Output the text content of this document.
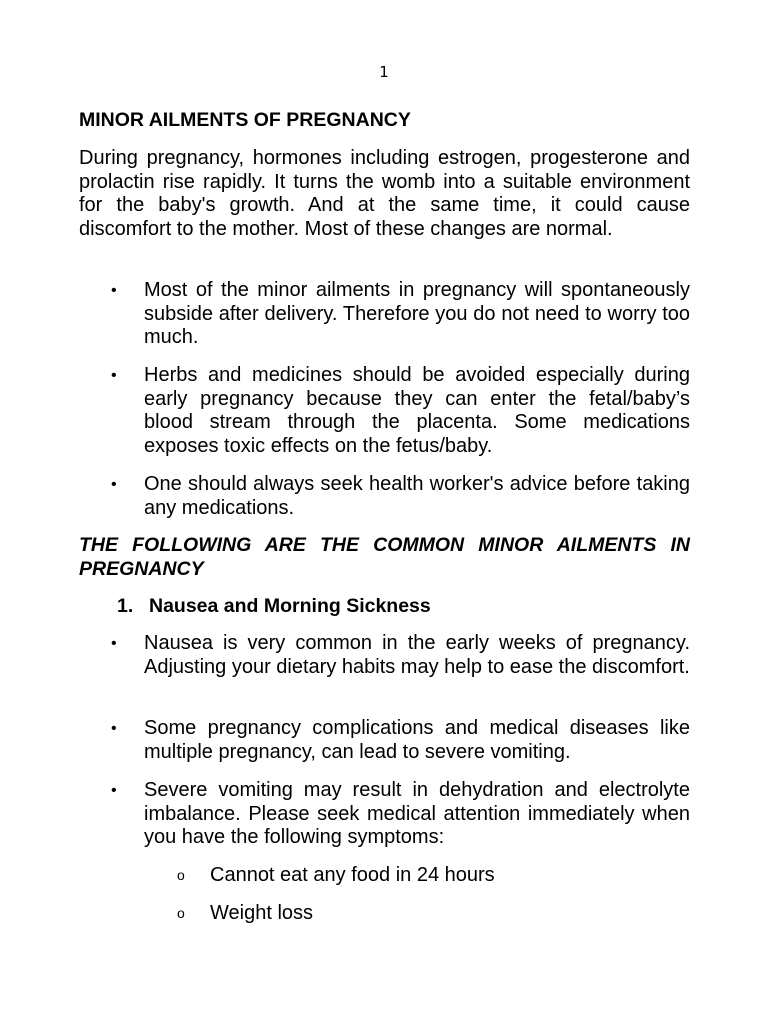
1
MINOR AILMENTS OF PREGNANCY

During pregnancy, hormones including estrogen, progesterone and prolactin rise rapidly. It turns the womb into a suitable environment for the baby's growth. And at the same time, it could cause discomfort to the mother. Most of these changes are normal.

• Most of the minor ailments in pregnancy will spontaneously subside after delivery. Therefore you do not need to worry too much.
• Herbs and medicines should be avoided especially during early pregnancy because they can enter the fetal/baby’s blood stream through the placenta. Some medications exposes toxic effects on the fetus/baby.
• One should always seek health worker's advice before taking any medications.
THE FOLLOWING ARE THE COMMON MINOR AILMENTS IN PREGNANCY
1. Nausea and Morning Sickness
• Nausea is very common in the early weeks of pregnancy. Adjusting your dietary habits may help to ease the discomfort.
• Some pregnancy complications and medical diseases like multiple pregnancy, can lead to severe vomiting.
• Severe vomiting may result in dehydration and electrolyte imbalance. Please seek medical attention immediately when you have the following symptoms:
o Cannot eat any food in 24 hours
o Weight loss
